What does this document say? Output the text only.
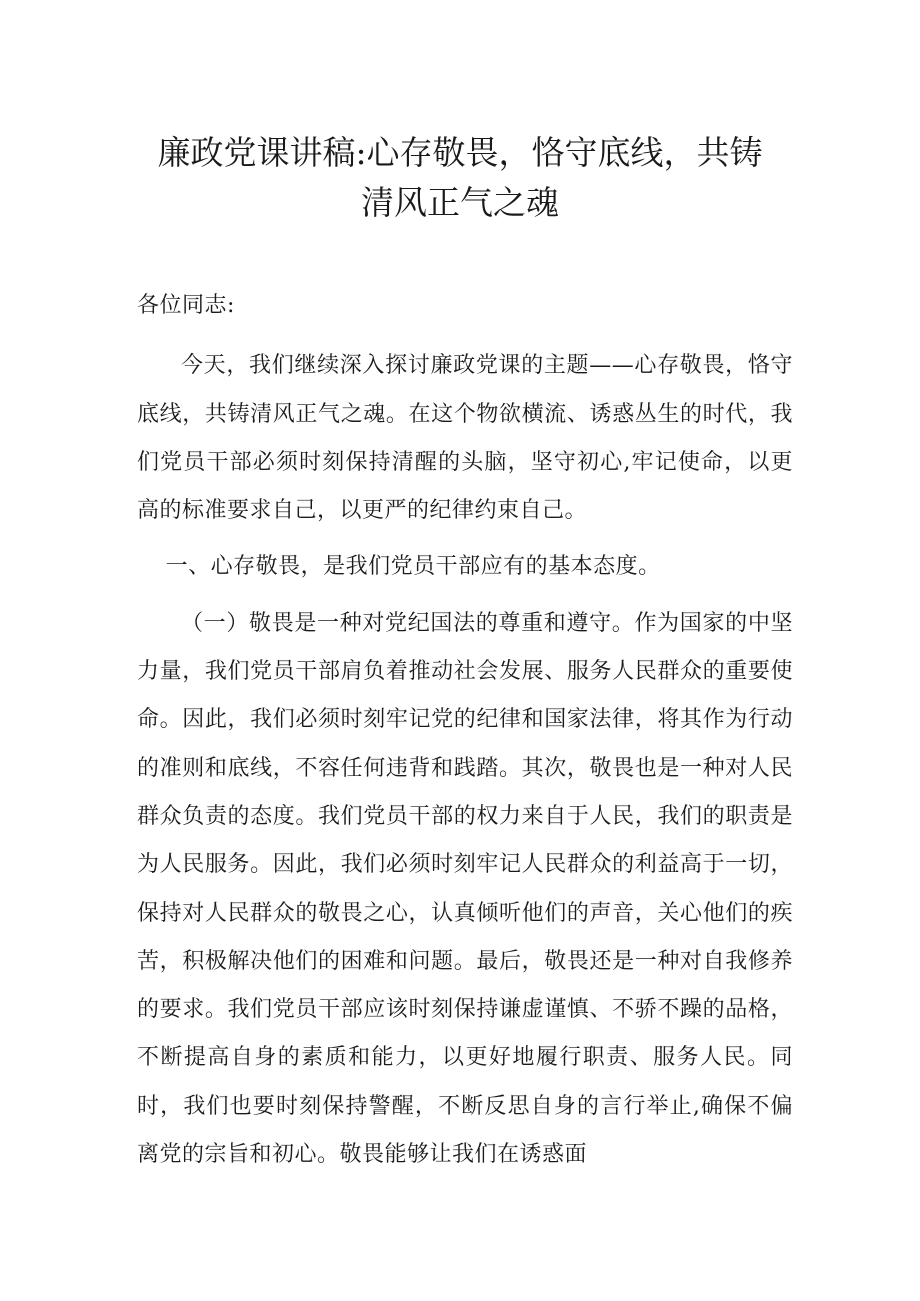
廉政党课讲稿:心存敬畏，恪守底线，共铸
清风正气之魂

各位同志:

今天，我们继续深入探讨廉政党课的主题——心存敬畏，恪守底线，共铸清风正气之魂。在这个物欲横流、诱惑丛生的时代，我们党员干部必须时刻保持清醒的头脑，坚守初心,牢记使命，以更高的标准要求自己，以更严的纪律约束自己。

一、心存敬畏，是我们党员干部应有的基本态度。

（一）敬畏是一种对党纪国法的尊重和遵守。作为国家的中坚力量，我们党员干部肩负着推动社会发展、服务人民群众的重要使命。因此，我们必须时刻牢记党的纪律和国家法律，将其作为行动的准则和底线，不容任何违背和践踏。其次，敬畏也是一种对人民群众负责的态度。我们党员干部的权力来自于人民，我们的职责是为人民服务。因此，我们必须时刻牢记人民群众的利益高于一切，保持对人民群众的敬畏之心，认真倾听他们的声音，关心他们的疾苦，积极解决他们的困难和问题。最后，敬畏还是一种对自我修养的要求。我们党员干部应该时刻保持谦虚谨慎、不骄不躁的品格，不断提高自身的素质和能力，以更好地履行职责、服务人民。同时，我们也要时刻保持警醒，不断反思自身的言行举止,确保不偏离党的宗旨和初心。敬畏能够让我们在诱惑面
